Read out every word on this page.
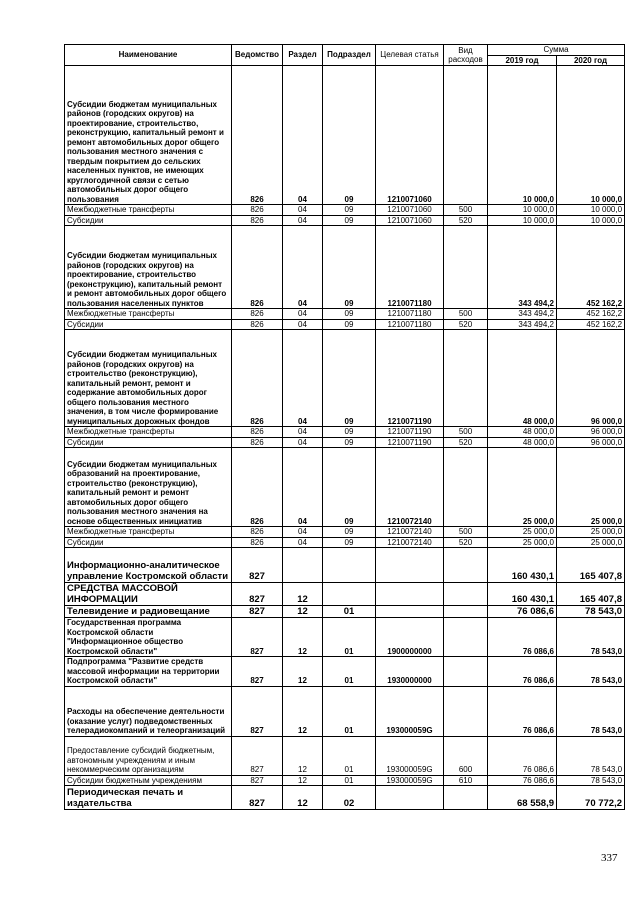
Наименование	Ведомство	Раздел	Подраздел	Целевая статья	Вид расходов	Сумма	
						2019 год	2020 год
Субсидии бюджетам муниципальных районов (городских округов) на проектирование, строительство, реконструкцию, капитальный ремонт и ремонт автомобильных дорог общего пользования местного значения с твердым покрытием до сельских населенных пунктов, не имеющих круглогодичной связи с сетью автомобильных дорог общего пользования	826	04	09	1210071060		10 000,0	10 000,0
Межбюджетные трансферты	826	04	09	1210071060	500	10 000,0	10 000,0
Субсидии	826	04	09	1210071060	520	10 000,0	10 000,0
Субсидии бюджетам муниципальных районов (городских округов) на проектирование, строительство (реконструкцию), капитальный ремонт и ремонт автомобильных дорог общего пользования населенных пунктов	826	04	09	1210071180		343 494,2	452 162,2
Межбюджетные трансферты	826	04	09	1210071180	500	343 494,2	452 162,2
Субсидии	826	04	09	1210071180	520	343 494,2	452 162,2
Субсидии бюджетам муниципальных районов (городских округов) на строительство (реконструкцию), капитальный ремонт, ремонт и содержание автомобильных дорог общего пользования местного значения, в том числе формирование муниципальных дорожных фондов	826	04	09	1210071190		48 000,0	96 000,0
Межбюджетные трансферты	826	04	09	1210071190	500	48 000,0	96 000,0
Субсидии	826	04	09	1210071190	520	48 000,0	96 000,0
Субсидии бюджетам муниципальных образований на проектирование, строительство (реконструкцию), капитальный ремонт и ремонт автомобильных дорог общего пользования местного значения на основе общественных инициатив	826	04	09	1210072140		25 000,0	25 000,0
Межбюджетные трансферты	826	04	09	1210072140	500	25 000,0	25 000,0
Субсидии	826	04	09	1210072140	520	25 000,0	25 000,0
Информационно-аналитическое управление Костромской области	827					160 430,1	165 407,8
СРЕДСТВА МАССОВОЙ ИНФОРМАЦИИ	827	12				160 430,1	165 407,8
Телевидение и радиовещание	827	12	01			76 086,6	78 543,0
Государственная программа Костромской области "Информационное общество Костромской области"	827	12	01	1900000000		76 086,6	78 543,0
Подпрограмма "Развитие средств массовой информации на территории Костромской области"	827	12	01	1930000000		76 086,6	78 543,0
Расходы на обеспечение деятельности (оказание услуг) подведомственных телерадиокомпаний и телеорганизаций	827	12	01	193000059G		76 086,6	78 543,0
Предоставление субсидий бюджетным, автономным учреждениям и иным некоммерческим организациям	827	12	01	193000059G	600	76 086,6	78 543,0
Субсидии бюджетным учреждениям	827	12	01	193000059G	610	76 086,6	78 543,0
Периодическая печать и издательства	827	12	02			68 558,9	70 772,2
337
